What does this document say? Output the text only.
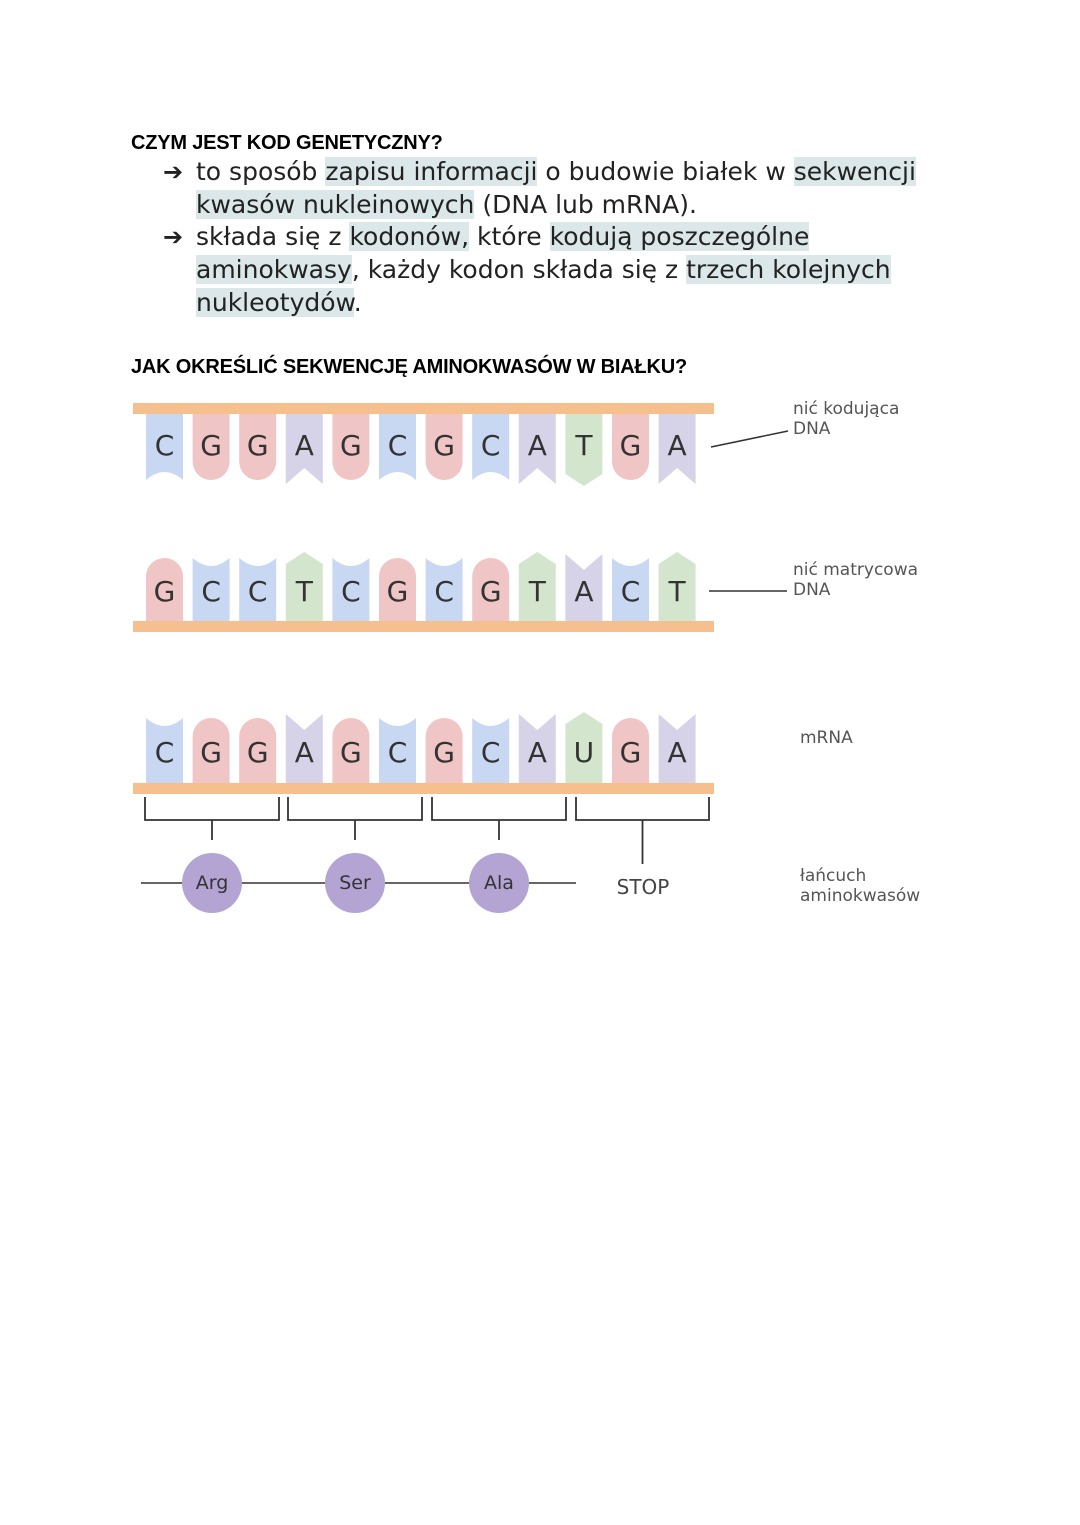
CZYM JEST KOD GENETYCZNY?
➔ to sposób zapisu informacji o budowie białek w sekwencji kwasów nukleinowych (DNA lub mRNA).
➔ składa się z kodonów, które kodują poszczególne aminokwasy, każdy kodon składa się z trzech kolejnych nukleotydów.
JAK OKREŚLIĆ SEKWENCJĘ AMINOKWASÓW W BIAŁKU?
C G G A G C G C A T G A
G C C T C G C G T A C T
C G G A G C G C A U G A
Arg	Ser	Ala	STOP
nić kodująca
DNA
nić matrycowa
DNA
mRNA
łańcuch
aminokwasów
